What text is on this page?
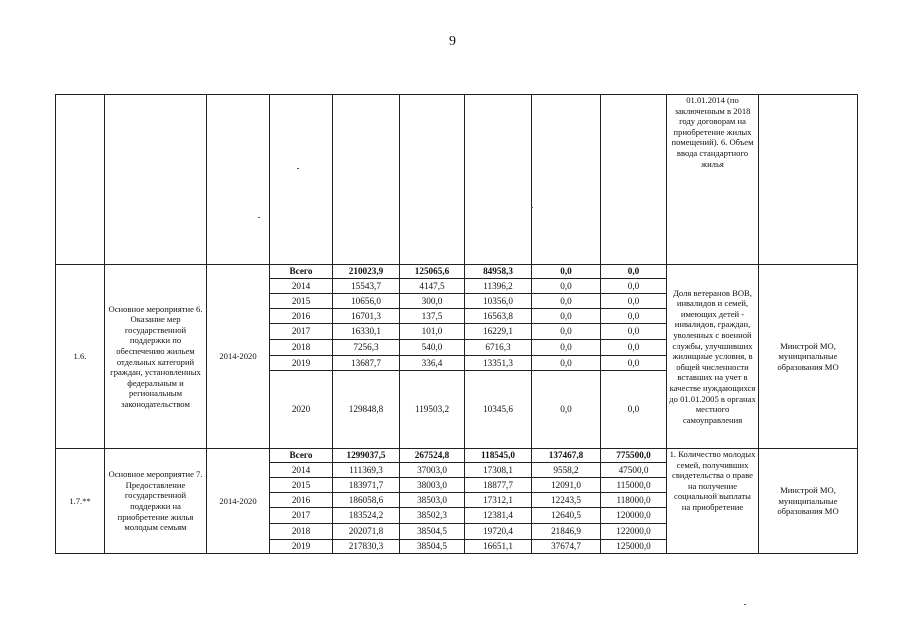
9

									01.01.2014 (по заключенным в 2018 году договорам на приобретение жилых помещений). 6. Объем ввода стандартного жилья	

1.6.	Основное мероприятие 6. Оказание мер государственной поддержки по обеспечению жильем отдельных категорий граждан, установленных федеральным и региональным законодательством	2014-2020	Всего	210023,9	125065,6	84958,3	0,0	0,0	Доля ветеранов ВОВ, инвалидов и семей, имеющих детей - инвалидов, граждан, уволенных с военной службы, улучшивших жилищные условия, в общей численности вставших на учет в качестве нуждающихся до 01.01.2005 в органах местного самоуправления	Минстрой МО, муниципальные образования МО
			2014	15543,7	4147,5	11396,2	0,0	0,0		
			2015	10656,0	300,0	10356,0	0,0	0,0		
			2016	16701,3	137,5	16563,8	0,0	0,0		
			2017	16330,1	101,0	16229,1	0,0	0,0		
			2018	7256,3	540,0	6716,3	0,0	0,0		
			2019	13687,7	336,4	13351,3	0,0	0,0		
			2020	129848,8	119503,2	10345,6	0,0	0,0		
1.7.**	Основное мероприятие 7. Предоставление государственной поддержки на приобретение жилья молодым семьям	2014-2020	Всего	1299037,5	267524,8	118545,0	137467,8	775500,0	1. Количество молодых семей, получивших свидетельства о праве на получение социальной выплаты на приобретение	Минстрой МО, муниципальные образования МО
			2014	111369,3	37003,0	17308,1	9558,2	47500,0		
			2015	183971,7	38003,0	18877,7	12091,0	115000,0		
			2016	186058,6	38503,0	17312,1	12243,5	118000,0		
			2017	183524,2	38502,3	12381,4	12640,5	120000,0		
			2018	202071,8	38504,5	19720,4	21846,9	122000,0		
			2019	217830,3	38504,5	16651,1	37674,7	125000,0		
